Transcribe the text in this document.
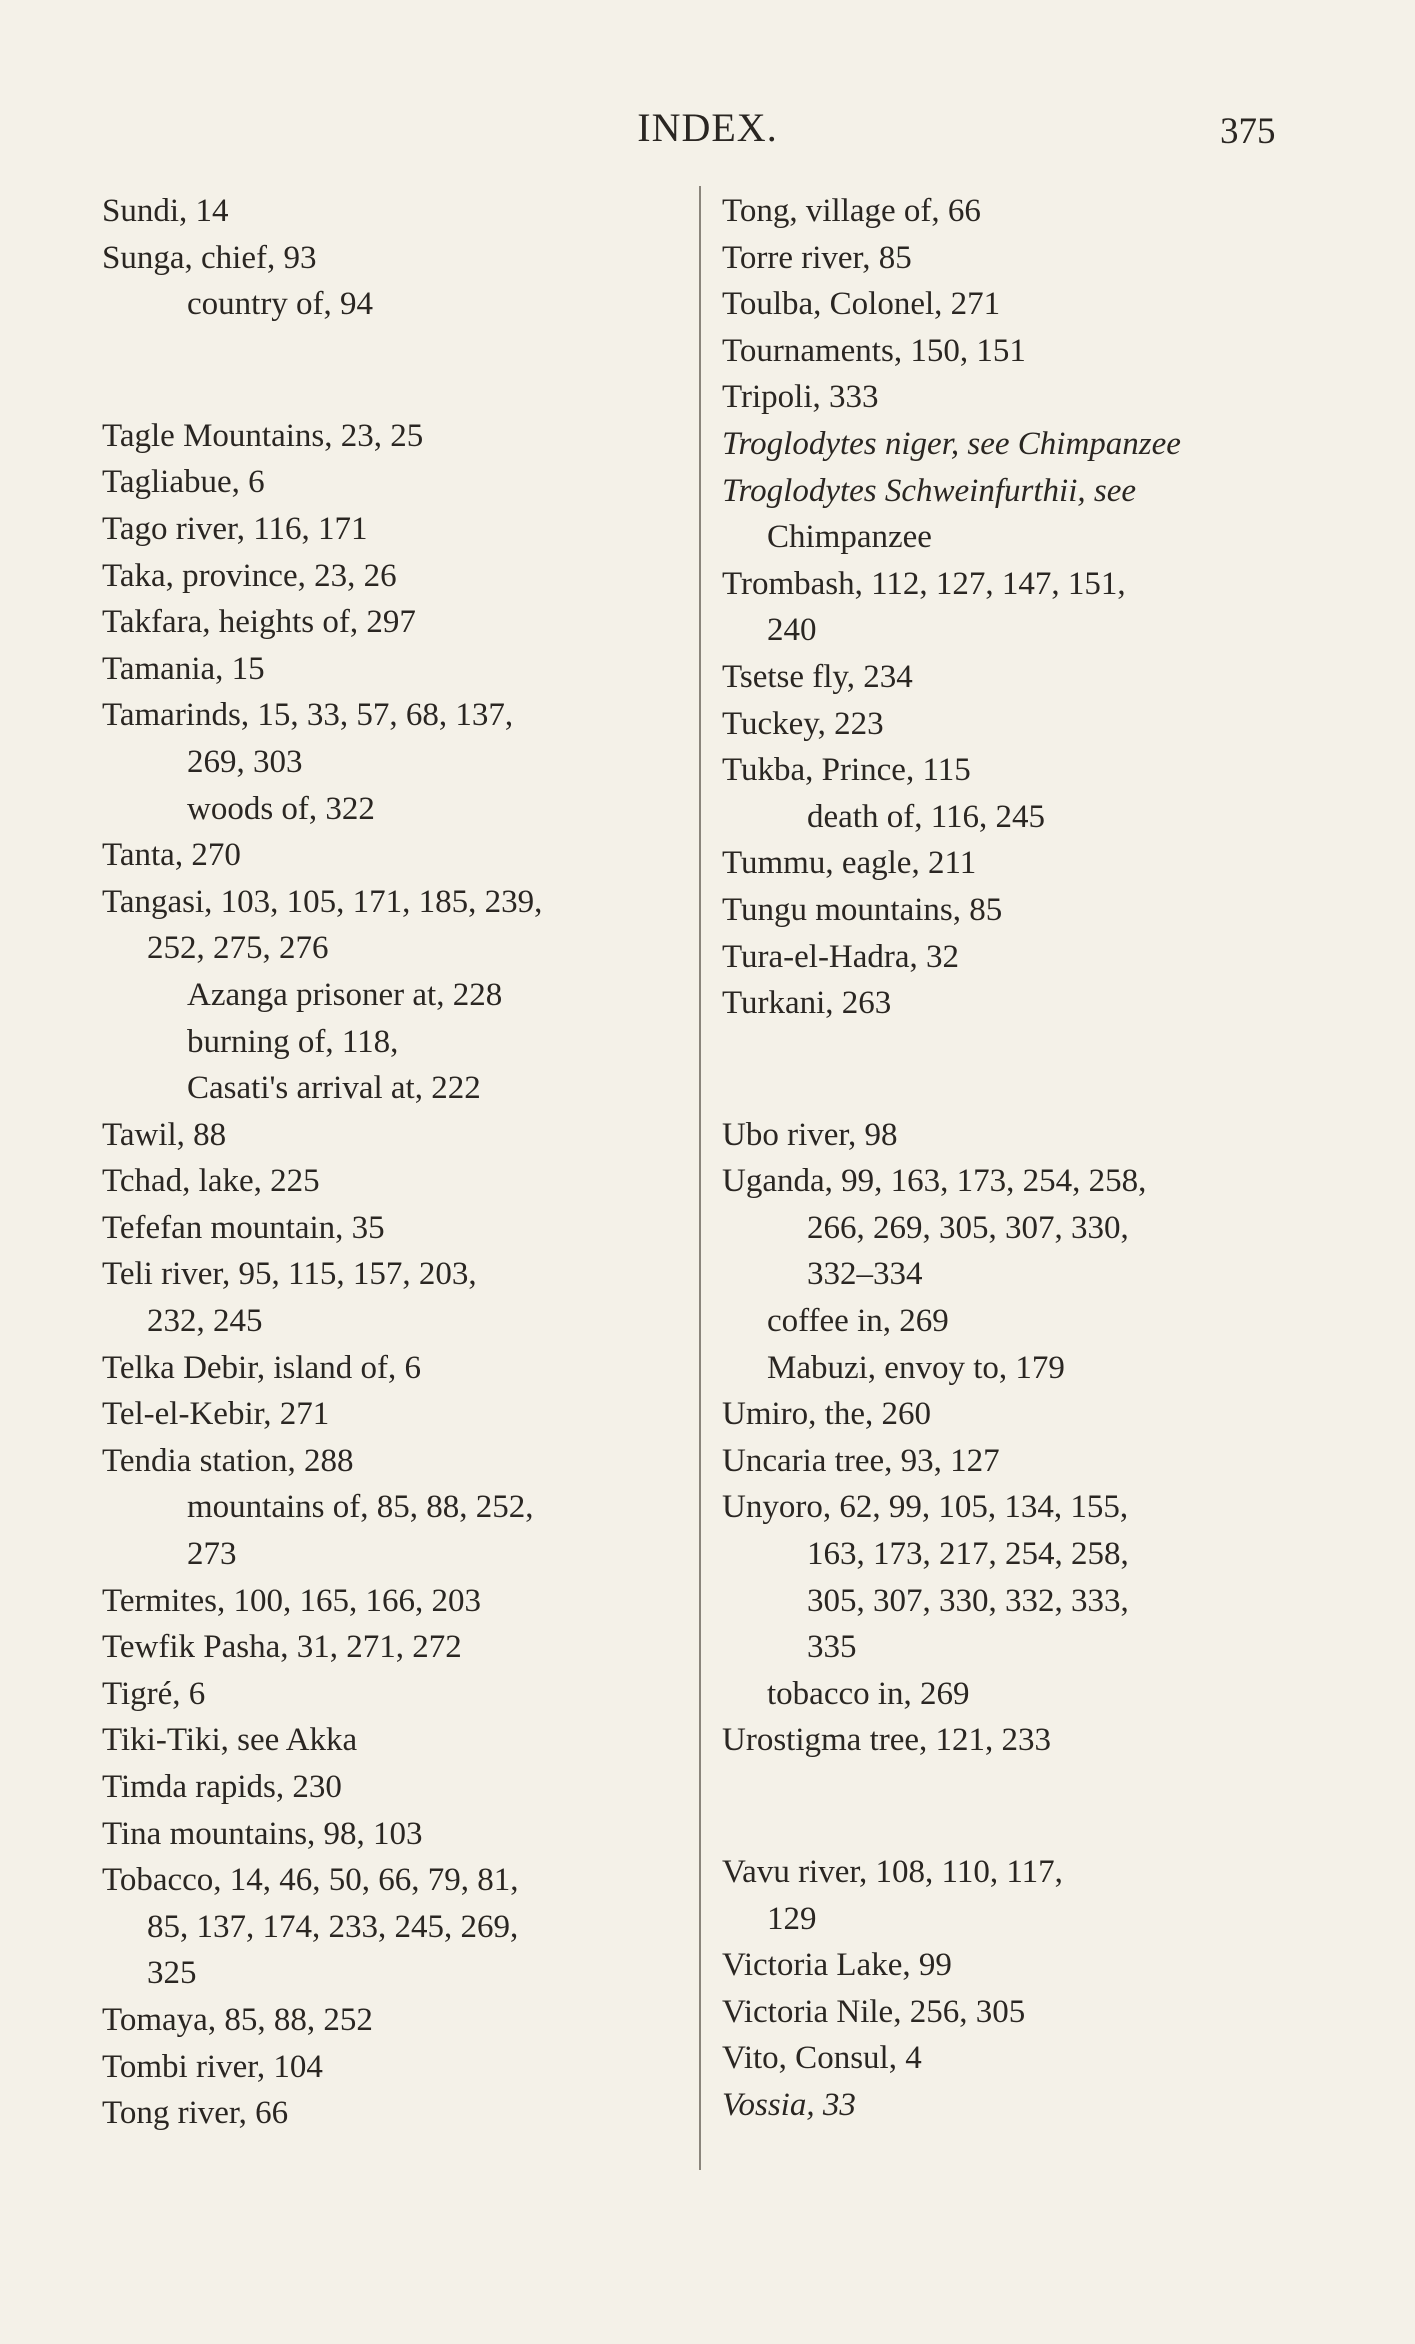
INDEX.	375
Sundi, 14
Sunga, chief, 93
country of, 94
Tagle Mountains, 23, 25
Tagliabue, 6
Tago river, 116, 171
Taka, province, 23, 26
Takfara, heights of, 297
Tamania, 15
Tamarinds, 15, 33, 57, 68, 137,
269, 303
woods of, 322
Tanta, 270
Tangasi, 103, 105, 171, 185, 239,
252, 275, 276
Azanga prisoner at, 228
burning of, 118,
Casati's arrival at, 222
Tawil, 88
Tchad, lake, 225
Tefefan mountain, 35
Teli river, 95, 115, 157, 203,
232, 245
Telka Debir, island of, 6
Tel-el-Kebir, 271
Tendia station, 288
mountains of, 85, 88, 252,
273
Termites, 100, 165, 166, 203
Tewfik Pasha, 31, 271, 272
Tigré, 6
Tiki-Tiki, see Akka
Timda rapids, 230
Tina mountains, 98, 103
Tobacco, 14, 46, 50, 66, 79, 81,
85, 137, 174, 233, 245, 269,
325
Tomaya, 85, 88, 252
Tombi river, 104
Tong river, 66
Tong, village of, 66
Torre river, 85
Toulba, Colonel, 271
Tournaments, 150, 151
Tripoli, 333
Troglodytes niger, see Chimpanzee
Troglodytes Schweinfurthii, see
Chimpanzee
Trombash, 112, 127, 147, 151,
240
Tsetse fly, 234
Tuckey, 223
Tukba, Prince, 115
death of, 116, 245
Tummu, eagle, 211
Tungu mountains, 85
Tura-el-Hadra, 32
Turkani, 263
Ubo river, 98
Uganda, 99, 163, 173, 254, 258,
266, 269, 305, 307, 330,
332–334
coffee in, 269
Mabuzi, envoy to, 179
Umiro, the, 260
Uncaria tree, 93, 127
Unyoro, 62, 99, 105, 134, 155,
163, 173, 217, 254, 258,
305, 307, 330, 332, 333,
335
tobacco in, 269
Urostigma tree, 121, 233
Vavu river, 108, 110, 117,
129
Victoria Lake, 99
Victoria Nile, 256, 305
Vito, Consul, 4
Vossia, 33
